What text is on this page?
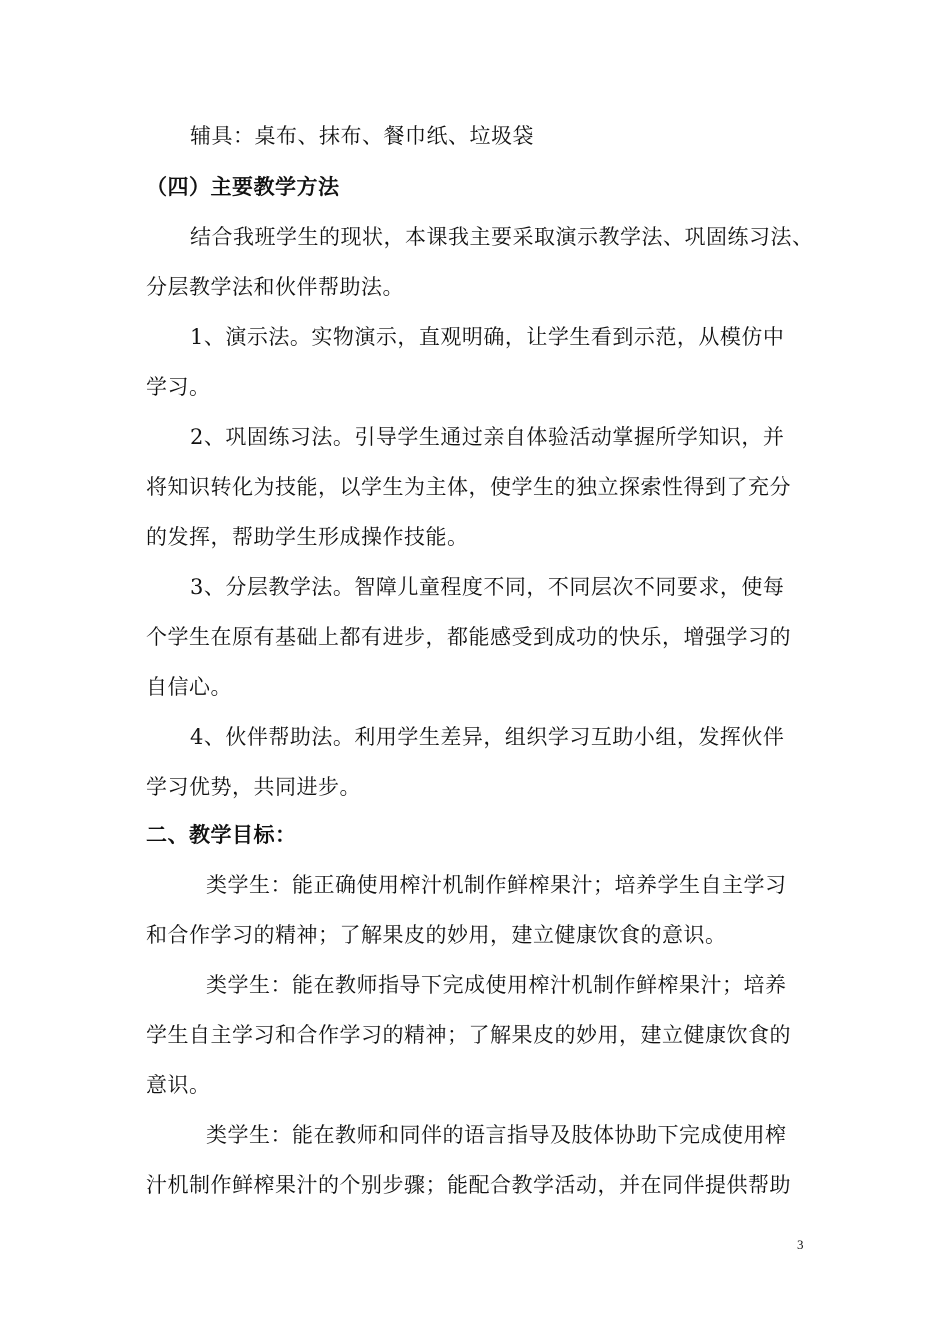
辅具：桌布、抹布、餐巾纸、垃圾袋
（四）主要教学方法
结合我班学生的现状，本课我主要采取演示教学法、巩固练习法、
分层教学法和伙伴帮助法。
1、演示法。实物演示，直观明确，让学生看到示范，从模仿中
学习。
2、巩固练习法。引导学生通过亲自体验活动掌握所学知识，并
将知识转化为技能，以学生为主体，使学生的独立探索性得到了充分
的发挥，帮助学生形成操作技能。
3、分层教学法。智障儿童程度不同，不同层次不同要求，使每
个学生在原有基础上都有进步，都能感受到成功的快乐，增强学习的
自信心。
4、伙伴帮助法。利用学生差异，组织学习互助小组，发挥伙伴
学习优势，共同进步。
二、教学目标：
类学生：能正确使用榨汁机制作鲜榨果汁；培养学生自主学习
和合作学习的精神；了解果皮的妙用，建立健康饮食的意识。
类学生：能在教师指导下完成使用榨汁机制作鲜榨果汁；培养
学生自主学习和合作学习的精神；了解果皮的妙用，建立健康饮食的
意识。
类学生：能在教师和同伴的语言指导及肢体协助下完成使用榨
汁机制作鲜榨果汁的个别步骤；能配合教学活动，并在同伴提供帮助
3
